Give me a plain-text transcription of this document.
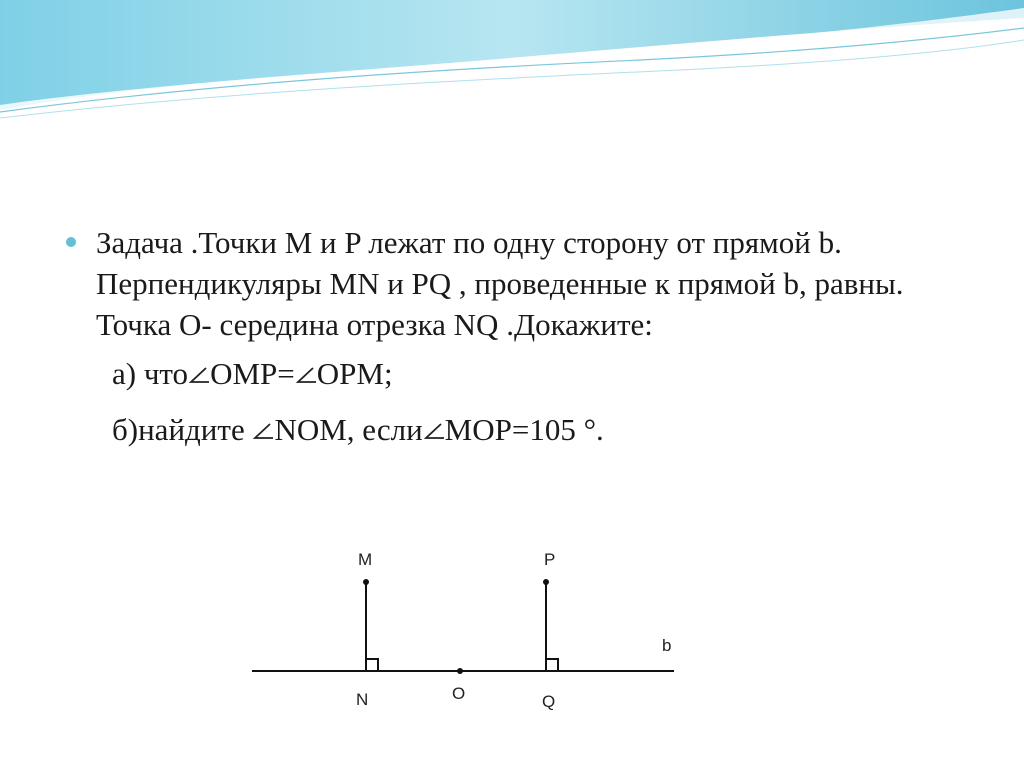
Задача .Точки M и P лежат по одну сторону от прямой b. Перпендикуляры MN и PQ , проведенные к прямой b, равны. Точка O- середина отрезка NQ .Докажите:
а) что OMP= OPM;
б)найдите NOM, если MOP=105 °.
M	P
b
N	O	Q
